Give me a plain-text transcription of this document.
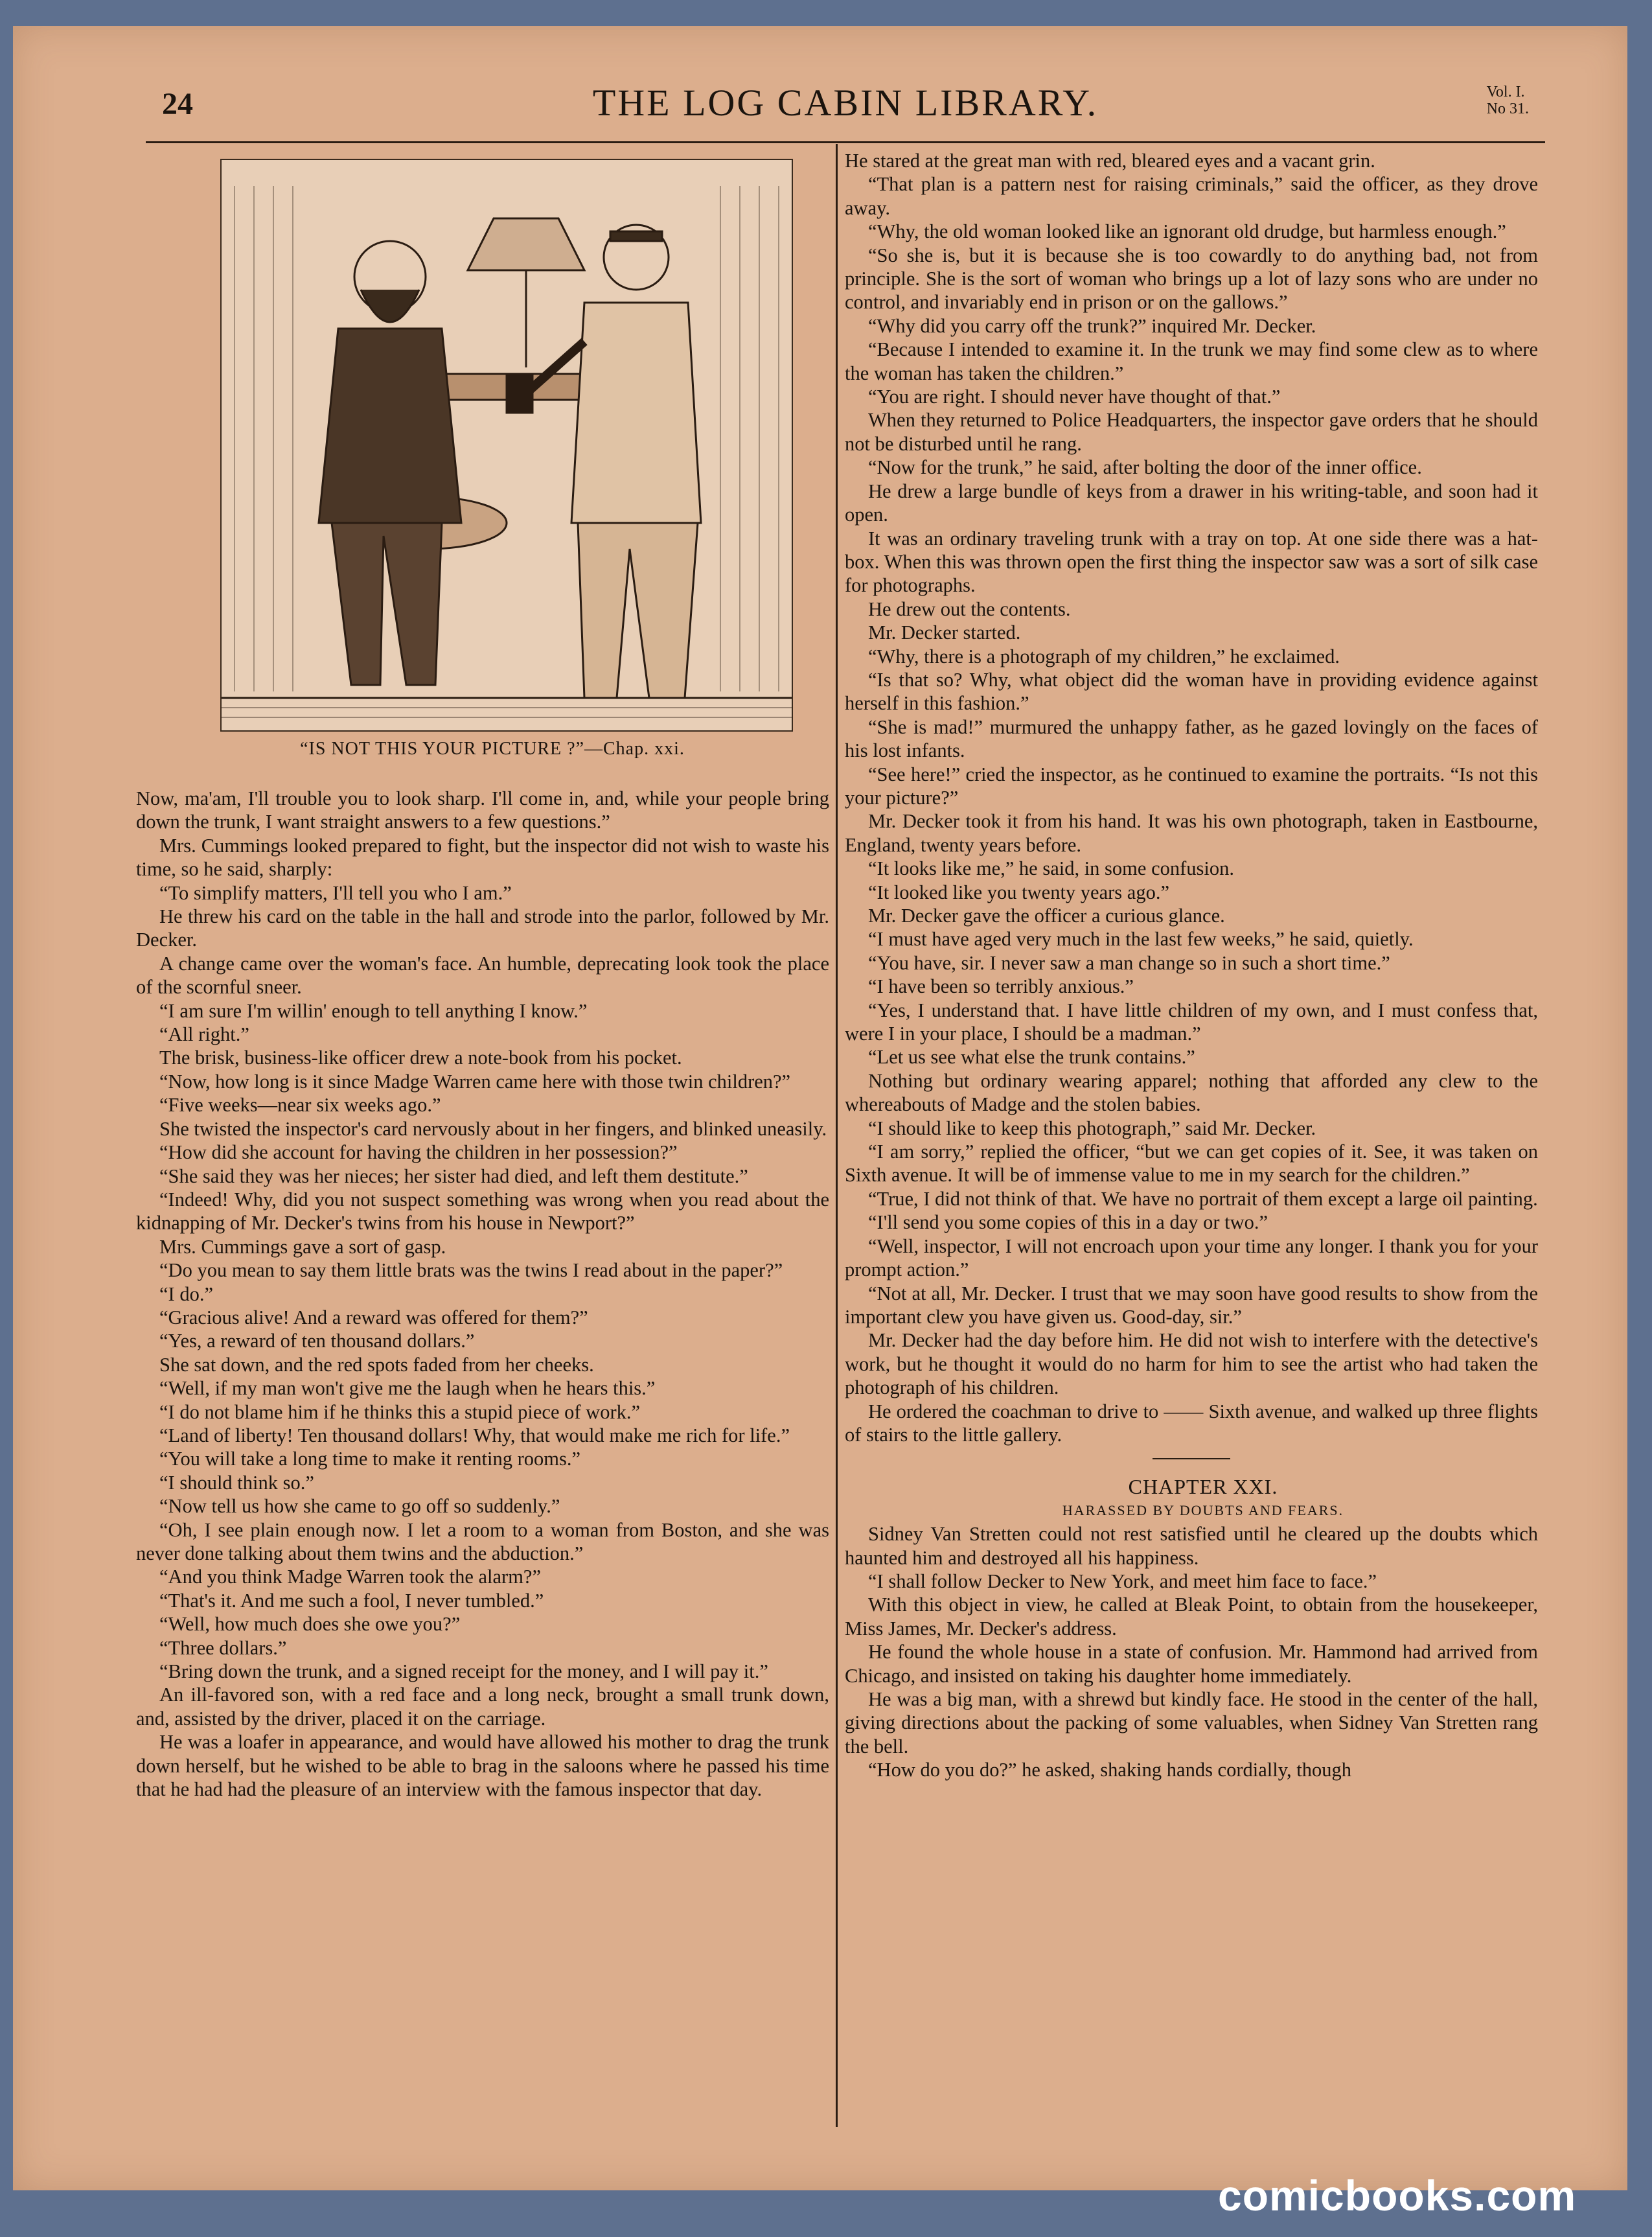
24	THE LOG CABIN LIBRARY.	Vol. I.
No 31.
“IS NOT THIS YOUR PICTURE ?”—Chap. xxi.

Now, ma'am, I'll trouble you to look sharp. I'll come in, and, while your people bring down the trunk, I want straight answers to a few questions.”

Mrs. Cummings looked prepared to fight, but the inspector did not wish to waste his time, so he said, sharply:

“To simplify matters, I'll tell you who I am.”

He threw his card on the table in the hall and strode into the parlor, followed by Mr. Decker.

A change came over the woman's face. An humble, deprecating look took the place of the scornful sneer.

“I am sure I'm willin' enough to tell anything I know.”

“All right.”

The brisk, business-like officer drew a note-book from his pocket.

“Now, how long is it since Madge Warren came here with those twin children?”

“Five weeks—near six weeks ago.”

She twisted the inspector's card nervously about in her fingers, and blinked uneasily.

“How did she account for having the children in her possession?”

“She said they was her nieces; her sister had died, and left them destitute.”

“Indeed! Why, did you not suspect something was wrong when you read about the kidnapping of Mr. Decker's twins from his house in Newport?”

Mrs. Cummings gave a sort of gasp.

“Do you mean to say them little brats was the twins I read about in the paper?”

“I do.”

“Gracious alive! And a reward was offered for them?”

“Yes, a reward of ten thousand dollars.”

She sat down, and the red spots faded from her cheeks.

“Well, if my man won't give me the laugh when he hears this.”

“I do not blame him if he thinks this a stupid piece of work.”

“Land of liberty! Ten thousand dollars! Why, that would make me rich for life.”

“You will take a long time to make it renting rooms.”

“I should think so.”

“Now tell us how she came to go off so suddenly.”

“Oh, I see plain enough now. I let a room to a woman from Boston, and she was never done talking about them twins and the abduction.”

“And you think Madge Warren took the alarm?”

“That's it. And me such a fool, I never tumbled.”

“Well, how much does she owe you?”

“Three dollars.”

“Bring down the trunk, and a signed receipt for the money, and I will pay it.”

An ill-favored son, with a red face and a long neck, brought a small trunk down, and, assisted by the driver, placed it on the carriage.

He was a loafer in appearance, and would have allowed his mother to drag the trunk down herself, but he wished to be able to brag in the saloons where he passed his time that he had had the pleasure of an interview with the famous inspector that day.

He stared at the great man with red, bleared eyes and a vacant grin.

“That plan is a pattern nest for raising criminals,” said the officer, as they drove away.

“Why, the old woman looked like an ignorant old drudge, but harmless enough.”

“So she is, but it is because she is too cowardly to do anything bad, not from principle. She is the sort of woman who brings up a lot of lazy sons who are under no control, and invariably end in prison or on the gallows.”

“Why did you carry off the trunk?” inquired Mr. Decker.

“Because I intended to examine it. In the trunk we may find some clew as to where the woman has taken the children.”

“You are right. I should never have thought of that.”

When they returned to Police Headquarters, the inspector gave orders that he should not be disturbed until he rang.

“Now for the trunk,” he said, after bolting the door of the inner office.

He drew a large bundle of keys from a drawer in his writing-table, and soon had it open.

It was an ordinary traveling trunk with a tray on top. At one side there was a hat-box. When this was thrown open the first thing the inspector saw was a sort of silk case for photographs.

He drew out the contents.

Mr. Decker started.

“Why, there is a photograph of my children,” he exclaimed.

“Is that so? Why, what object did the woman have in providing evidence against herself in this fashion.”

“She is mad!” murmured the unhappy father, as he gazed lovingly on the faces of his lost infants.

“See here!” cried the inspector, as he continued to examine the portraits. “Is not this your picture?”

Mr. Decker took it from his hand. It was his own photograph, taken in Eastbourne, England, twenty years before.

“It looks like me,” he said, in some confusion.

“It looked like you twenty years ago.”

Mr. Decker gave the officer a curious glance.

“I must have aged very much in the last few weeks,” he said, quietly.

“You have, sir. I never saw a man change so in such a short time.”

“I have been so terribly anxious.”

“Yes, I understand that. I have little children of my own, and I must confess that, were I in your place, I should be a madman.”

“Let us see what else the trunk contains.”

Nothing but ordinary wearing apparel; nothing that afforded any clew to the whereabouts of Madge and the stolen babies.

“I should like to keep this photograph,” said Mr. Decker.

“I am sorry,” replied the officer, “but we can get copies of it. See, it was taken on Sixth avenue. It will be of immense value to me in my search for the children.”

“True, I did not think of that. We have no portrait of them except a large oil painting.

“I'll send you some copies of this in a day or two.”

“Well, inspector, I will not encroach upon your time any longer. I thank you for your prompt action.”

“Not at all, Mr. Decker. I trust that we may soon have good results to show from the important clew you have given us. Good-day, sir.”

Mr. Decker had the day before him. He did not wish to interfere with the detective's work, but he thought it would do no harm for him to see the artist who had taken the photograph of his children.

He ordered the coachman to drive to —— Sixth avenue, and walked up three flights of stairs to the little gallery.

CHAPTER XXI.

HARASSED BY DOUBTS AND FEARS.

Sidney Van Stretten could not rest satisfied until he cleared up the doubts which haunted him and destroyed all his happiness.

“I shall follow Decker to New York, and meet him face to face.”

With this object in view, he called at Bleak Point, to obtain from the housekeeper, Miss James, Mr. Decker's address.

He found the whole house in a state of confusion. Mr. Hammond had arrived from Chicago, and insisted on taking his daughter home immediately.

He was a big man, with a shrewd but kindly face. He stood in the center of the hall, giving directions about the packing of some valuables, when Sidney Van Stretten rang the bell.

“How do you do?” he asked, shaking hands cordially, though

comicbooks.com
